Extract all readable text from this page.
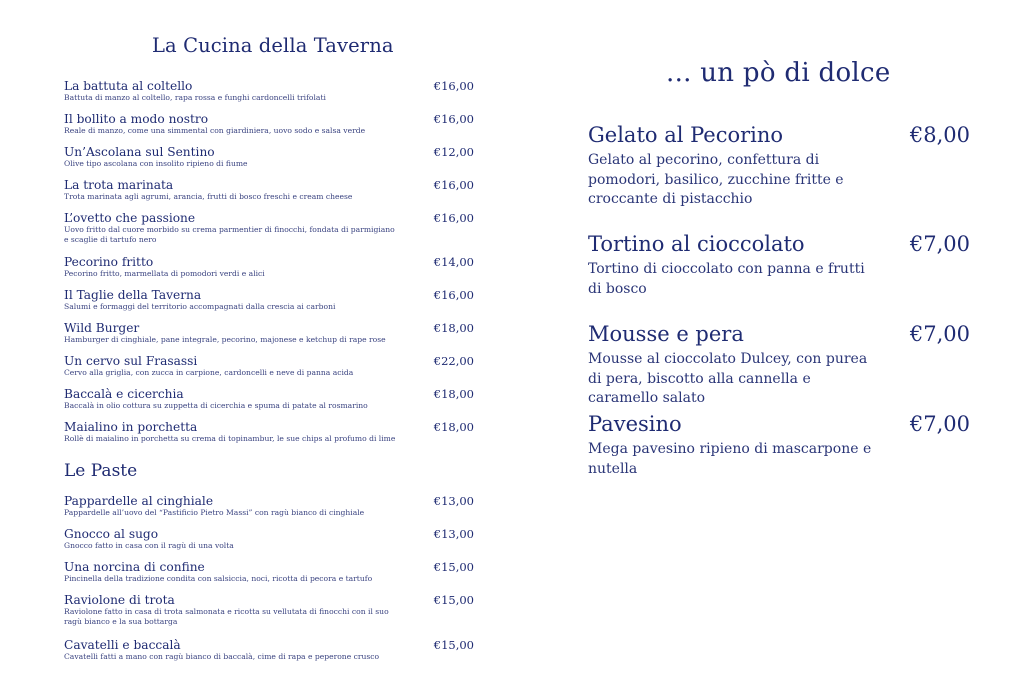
La Cucina della Taverna
La battuta al coltello
Battuta di manzo al coltello, rapa rossa e funghi cardoncelli trifolati
€16,00
Il bollito a modo nostro
Reale di manzo, come una simmental con giardiniera, uovo sodo e salsa verde
€16,00
Un’Ascolana sul Sentino
Olive tipo ascolana con insolito ripieno di fiume
€12,00
La trota marinata
Trota marinata agli agrumi, arancia, frutti di bosco freschi e cream cheese
€16,00
L’ovetto che passione
Uovo fritto dal cuore morbido su crema parmentier di finocchi, fondata di parmigiano e scaglie di tartufo nero
€16,00
Pecorino fritto
Pecorino fritto, marmellata di pomodori verdi e alici
€14,00
Il Taglie della Taverna
Salumi e formaggi del territorio accompagnati dalla crescia ai carboni
€16,00
Wild Burger
Hamburger di cinghiale, pane integrale, pecorino, majonese e ketchup di rape rose
€18,00
Un cervo sul Frasassi
Cervo alla griglia, con zucca in carpione, cardoncelli e neve di panna acida
€22,00
Baccalà e cicerchia
Baccalà in olio cottura su zuppetta di cicerchia e spuma di patate al rosmarino
€18,00
Maialino in porchetta
Rollè di maialino in porchetta su crema di topinambur, le sue chips al profumo di lime
€18,00
Le Paste
Pappardelle al cinghiale
Pappardelle all’uovo del “Pastificio Pietro Massi” con ragù bianco di cinghiale
€13,00
Gnocco al sugo
Gnocco fatto in casa con il ragù di una volta
€13,00
Una norcina di confine
Pincinella della tradizione condita con salsiccia, noci, ricotta di pecora e tartufo
€15,00
Raviolone di trota
Raviolone fatto in casa di trota salmonata e ricotta su vellutata di finocchi con il suo ragù bianco e la sua bottarga
€15,00
Cavatelli e baccalà
Cavatelli fatti a mano con ragù bianco di baccalà, cime di rapa e peperone crusco
€15,00
... un pò di dolce
Gelato al Pecorino	€8,00
Gelato al pecorino, confettura di pomodori, basilico, zucchine fritte e croccante di pistacchio
Tortino al cioccolato	€7,00
Tortino di cioccolato con panna e frutti di bosco
Mousse e pera	€7,00
Mousse al cioccolato Dulcey, con purea di pera, biscotto alla cannella e caramello salato
Pavesino	€7,00
Mega pavesino ripieno di mascarpone e nutella
